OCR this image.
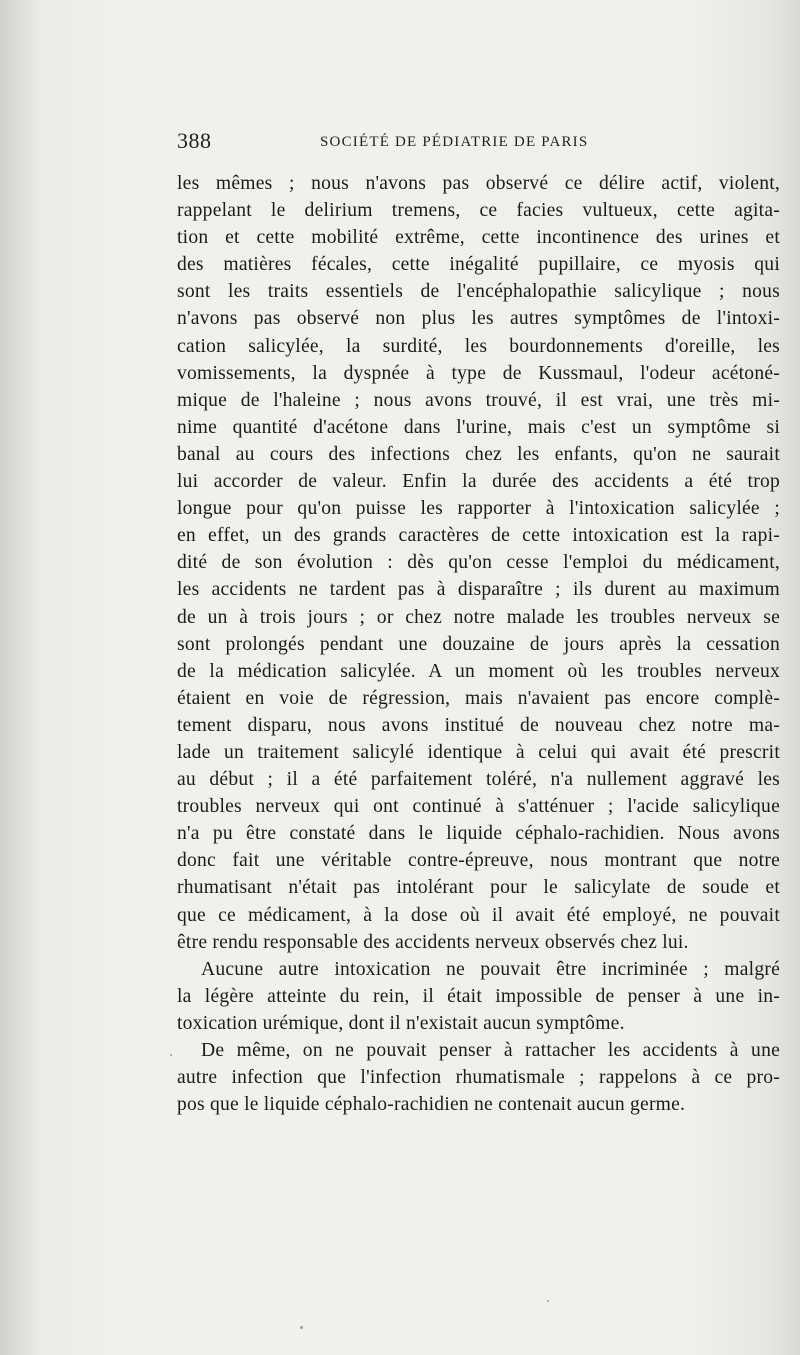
388	SOCIÉTÉ DE PÉDIATRIE DE PARIS
les mêmes ; nous n'avons pas observé ce délire actif, violent,
rappelant le delirium tremens, ce facies vultueux, cette agita-
tion et cette mobilité extrême, cette incontinence des urines et
des matières fécales, cette inégalité pupillaire, ce myosis qui
sont les traits essentiels de l'encéphalopathie salicylique ; nous
n'avons pas observé non plus les autres symptômes de l'intoxi-
cation salicylée, la surdité, les bourdonnements d'oreille, les
vomissements, la dyspnée à type de Kussmaul, l'odeur acétoné-
mique de l'haleine ; nous avons trouvé, il est vrai, une très mi-
nime quantité d'acétone dans l'urine, mais c'est un symptôme si
banal au cours des infections chez les enfants, qu'on ne saurait
lui accorder de valeur. Enfin la durée des accidents a été trop
longue pour qu'on puisse les rapporter à l'intoxication salicylée ;
en effet, un des grands caractères de cette intoxication est la rapi-
dité de son évolution : dès qu'on cesse l'emploi du médicament,
les accidents ne tardent pas à disparaître ; ils durent au maximum
de un à trois jours ; or chez notre malade les troubles nerveux se
sont prolongés pendant une douzaine de jours après la cessation
de la médication salicylée. A un moment où les troubles nerveux
étaient en voie de régression, mais n'avaient pas encore complè-
tement disparu, nous avons institué de nouveau chez notre ma-
lade un traitement salicylé identique à celui qui avait été prescrit
au début ; il a été parfaitement toléré, n'a nullement aggravé les
troubles nerveux qui ont continué à s'atténuer ; l'acide salicylique
n'a pu être constaté dans le liquide céphalo-rachidien. Nous avons
donc fait une véritable contre-épreuve, nous montrant que notre
rhumatisant n'était pas intolérant pour le salicylate de soude et
que ce médicament, à la dose où il avait été employé, ne pouvait
être rendu responsable des accidents nerveux observés chez lui.
Aucune autre intoxication ne pouvait être incriminée ; malgré
la légère atteinte du rein, il était impossible de penser à une in-
toxication urémique, dont il n'existait aucun symptôme.
De même, on ne pouvait penser à rattacher les accidents à une
autre infection que l'infection rhumatismale ; rappelons à ce pro-
pos que le liquide céphalo-rachidien ne contenait aucun germe.
